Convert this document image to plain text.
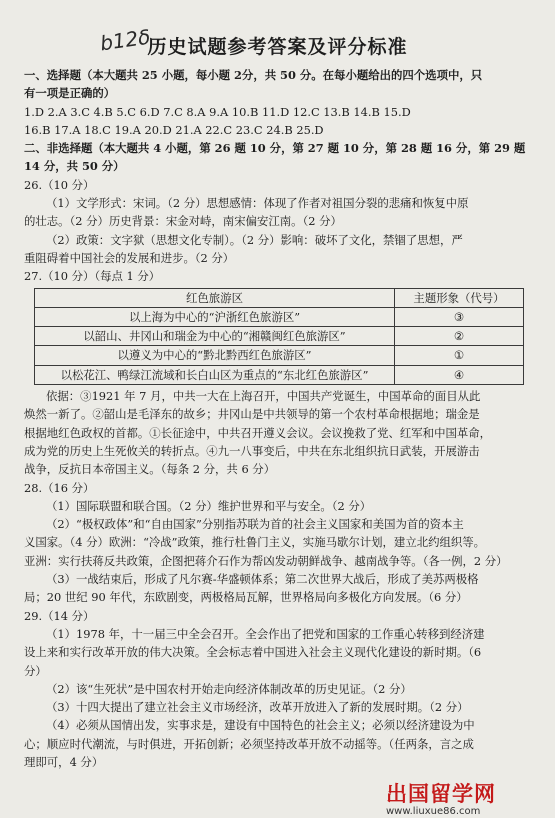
b12δ
历史试题参考答案及评分标准
一、选择题（本大题共 25 小题，每小题 2分，共 50 分。在每小题给出的四个选项中，只
有一项是正确的）
1.D 2.A 3.C 4.B 5.C 6.D 7.C 8.A 9.A 10.B 11.D 12.C 13.B 14.B 15.D
16.B 17.A 18.C 19.A 20.D 21.A 22.C 23.C 24.B 25.D
二、非选择题（本大题共 4 小题，第 26 题 10 分，第 27 题 10 分，第 28 题 16 分，第 29 题
14 分，共 50 分）
26.（10 分）
（1）文学形式：宋词。（2 分）思想感情：体现了作者对祖国分裂的悲痛和恢复中原
的壮志。（2 分）历史背景：宋金对峙，南宋偏安江南。（2 分）
（2）政策：文字狱（思想文化专制）。（2 分）影响：破坏了文化，禁锢了思想，严
重阻碍着中国社会的发展和进步。（2 分）
27.（10 分）（每点 1 分）
红色旅游区	主题形象（代号）
以上海为中心的“沪浙红色旅游区”	③
以韶山、井冈山和瑞金为中心的“湘赣闽红色旅游区”	②
以遵义为中心的“黔北黔西红色旅游区”	①
以松花江、鸭绿江流域和长白山区为重点的“东北红色旅游区”	④
依据：③1921 年 7 月，中共一大在上海召开，中国共产党诞生，中国革命的面目从此
焕然一新了。②韶山是毛泽东的故乡；井冈山是中共领导的第一个农村革命根据地；瑞金是
根据地红色政权的首都。①长征途中，中共召开遵义会议。会议挽救了党、红军和中国革命，
成为党的历史上生死攸关的转折点。④九一八事变后，中共在东北组织抗日武装，开展游击
战争，反抗日本帝国主义。（每条 2 分，共 6 分）
28.（16 分）
（1）国际联盟和联合国。（2 分）维护世界和平与安全。（2 分）
（2）“极权政体”和“自由国家”分别指苏联为首的社会主义国家和美国为首的资本主
义国家。（4 分）欧洲：“冷战”政策，推行杜鲁门主义，实施马歇尔计划，建立北约组织等。
亚洲：实行扶蒋反共政策，企图把蒋介石作为帮凶发动朝鲜战争、越南战争等。（各一例，2 分）
（3）一战结束后，形成了凡尔赛-华盛顿体系；第二次世界大战后，形成了美苏两极格
局；20 世纪 90 年代，东欧剧变，两极格局瓦解，世界格局向多极化方向发展。（6 分）
29.（14 分）
（1）1978 年，十一届三中全会召开。全会作出了把党和国家的工作重心转移到经济建
设上来和实行改革开放的伟大决策。全会标志着中国进入社会主义现代化建设的新时期。（6
分）
（2）该“生死状”是中国农村开始走向经济体制改革的历史见证。（2 分）
（3）十四大提出了建立社会主义市场经济，改革开放进入了新的发展时期。（2 分）
（4）必须从国情出发，实事求是，建设有中国特色的社会主义；必须以经济建设为中
心；顺应时代潮流，与时俱进，开拓创新；必须坚持改革开放不动摇等。（任两条，言之成
理即可，4 分）
出国留学网
www.liuxue86.com
